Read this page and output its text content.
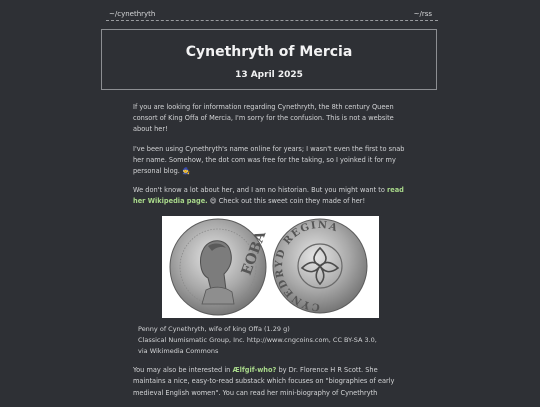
~/cynethryth	~/rss
Cynethryth of Mercia
13 April 2025

If you are looking for information regarding Cynethryth, the 8th century Queen consort of King Offa of Mercia, I'm sorry for the confusion. This is not a website about her!

I've been using Cynethryth's name online for years; I wasn't even the first to snab her name. Somehow, the dot com was free for the taking, so I yoinked it for my personal blog. 🧙

We don't know a lot about her, and I am no historian. But you might want to read her Wikipedia page. 😄 Check out this sweet coin they made of her!

EOBA
CYNEDRYD REGINA
Penny of Cynethryth, wife of king Offa (1.29 g)
Classical Numismatic Group, Inc. http://www.cngcoins.com, CC BY-SA 3.0, via Wikimedia Commons

You may also be interested in Ælfgif-who? by Dr. Florence H R Scott. She maintains a nice, easy-to-read substack which focuses on "biographies of early medieval English women". You can read her mini-biography of Cynethryth
